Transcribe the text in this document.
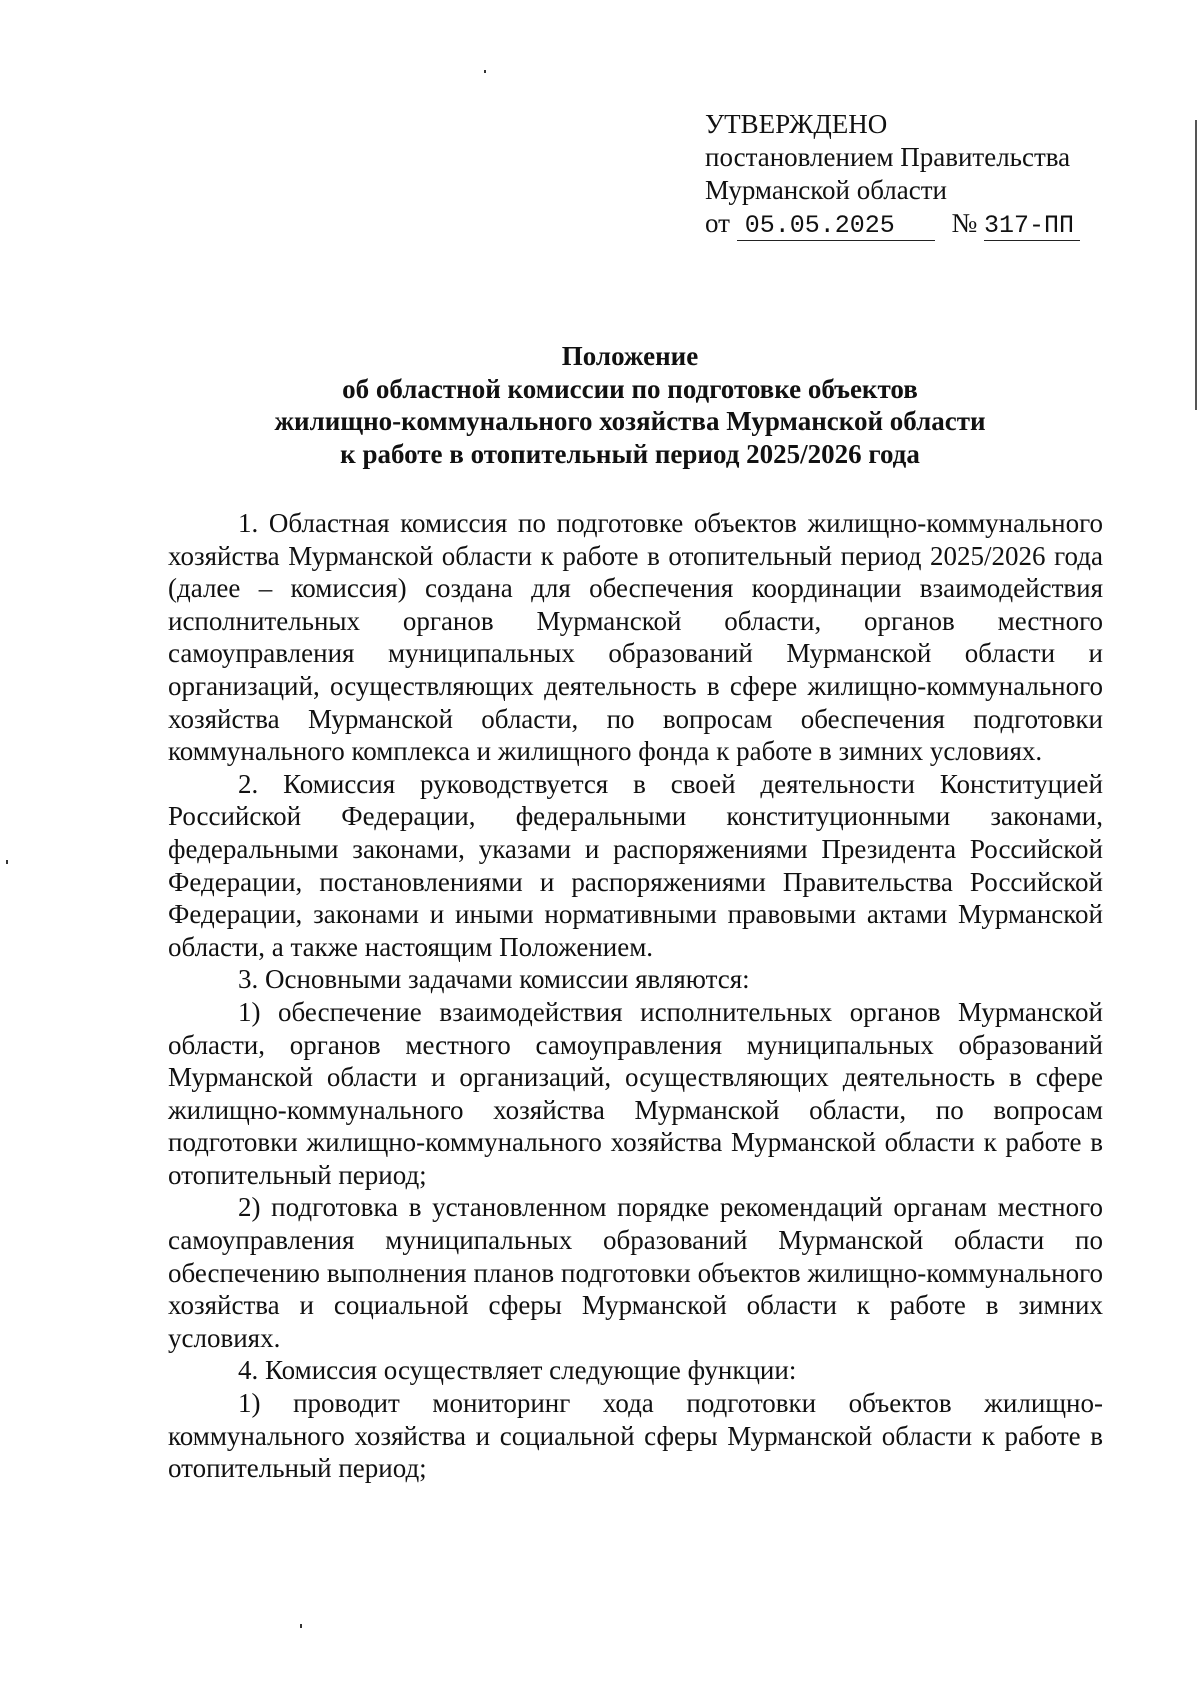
УТВЕРЖДЕНО
постановлением Правительства
Мурманской области
от 05.05.2025 № 317-ПП
Положение
об областной комиссии по подготовке объектов
жилищно-коммунального хозяйства Мурманской области
к работе в отопительный период 2025/2026 года

1. Областная комиссия по подготовке объектов жилищно-коммунального хозяйства Мурманской области к работе в отопительный период 2025/2026 года (далее – комиссия) создана для обеспечения координации взаимодействия исполнительных органов Мурманской области, органов местного самоуправления муниципальных образований Мурманской области и организаций, осуществляющих деятельность в сфере жилищно-коммунального хозяйства Мурманской области, по вопросам обеспечения подготовки коммунального комплекса и жилищного фонда к работе в зимних условиях.

2. Комиссия руководствуется в своей деятельности Конституцией Российской Федерации, федеральными конституционными законами, федеральными законами, указами и распоряжениями Президента Российской Федерации, постановлениями и распоряжениями Правительства Российской Федерации, законами и иными нормативными правовыми актами Мурманской области, а также настоящим Положением.

3. Основными задачами комиссии являются:

1) обеспечение взаимодействия исполнительных органов Мурманской области, органов местного самоуправления муниципальных образований Мурманской области и организаций, осуществляющих деятельность в сфере жилищно-коммунального хозяйства Мурманской области, по вопросам подготовки жилищно-коммунального хозяйства Мурманской области к работе в отопительный период;

2) подготовка в установленном порядке рекомендаций органам местного самоуправления муниципальных образований Мурманской области по обеспечению выполнения планов подготовки объектов жилищно-коммунального хозяйства и социальной сферы Мурманской области к работе в зимних условиях.

4. Комиссия осуществляет следующие функции:

1) проводит мониторинг хода подготовки объектов жилищно-коммунального хозяйства и социальной сферы Мурманской области к работе в отопительный период;
